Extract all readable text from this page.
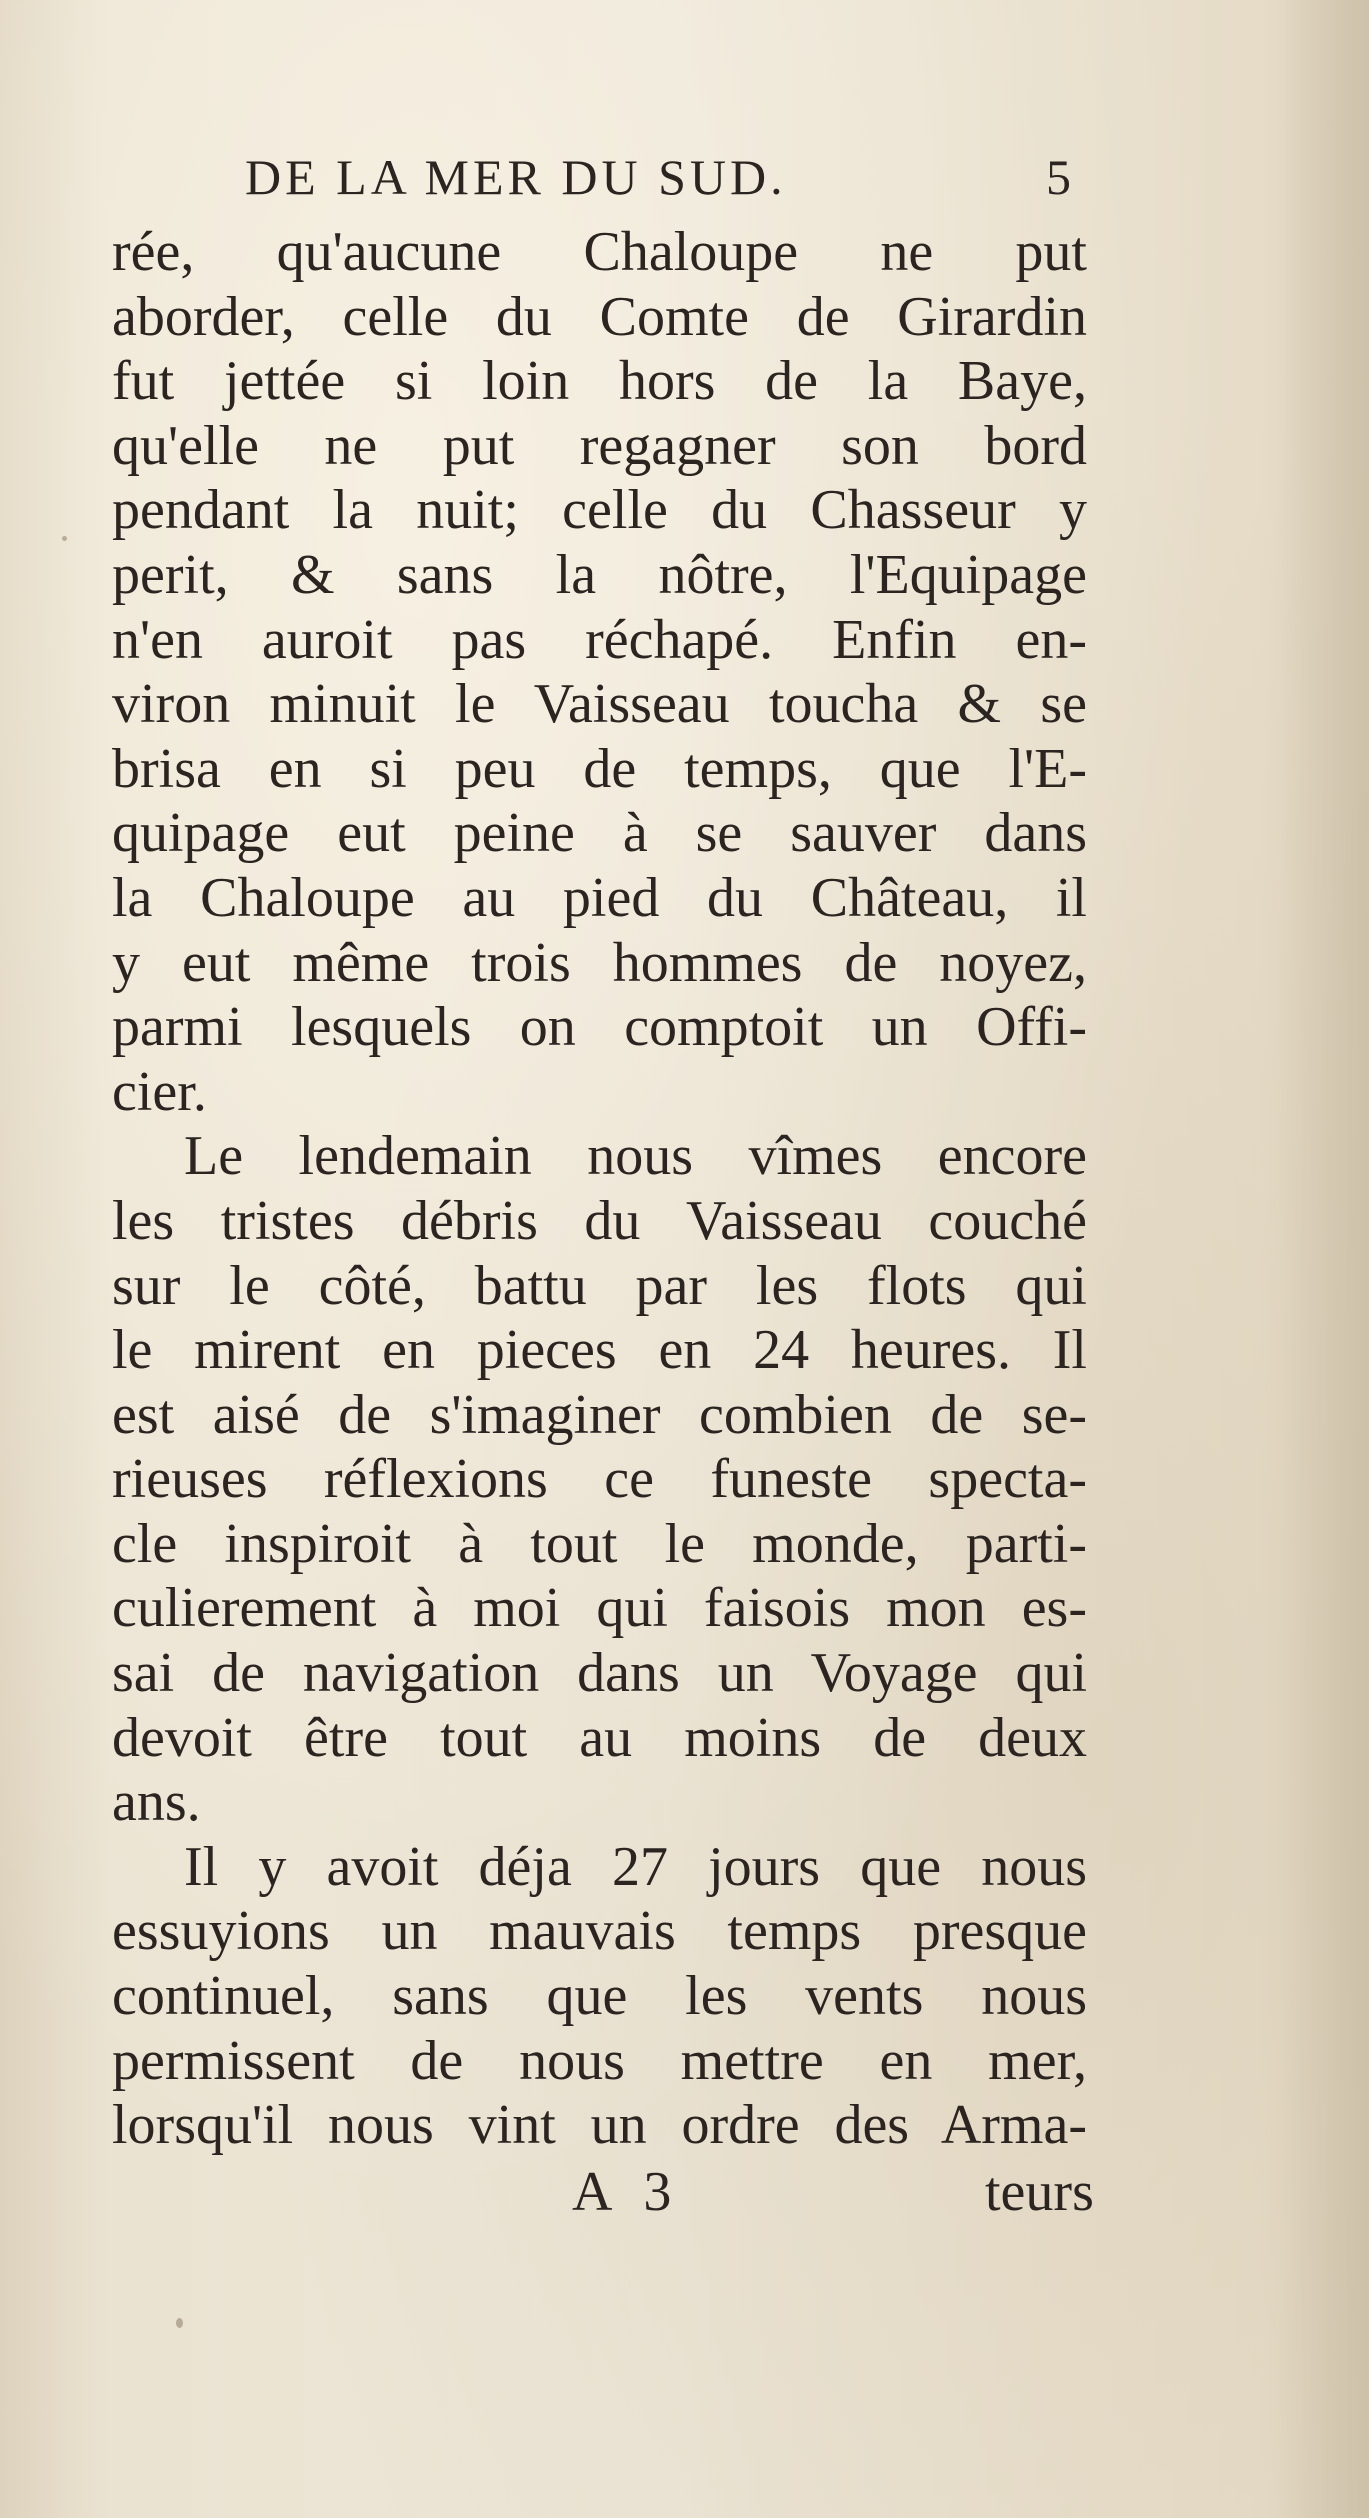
DE LA MER DU SUD.	5
rée, qu'aucune Chaloupe ne put
aborder, celle du Comte de Girardin
fut jettée si loin hors de la Baye,
qu'elle ne put regagner son bord
pendant la nuit; celle du Chasseur y
perit, & sans la nôtre, l'Equipage
n'en auroit pas réchapé. Enfin en-
viron minuit le Vaisseau toucha & se
brisa en si peu de temps, que l'E-
quipage eut peine à se sauver dans
la Chaloupe au pied du Château, il
y eut même trois hommes de noyez,
parmi lesquels on comptoit un Offi-
cier.
Le lendemain nous vîmes encore
les tristes débris du Vaisseau couché
sur le côté, battu par les flots qui
le mirent en pieces en 24 heures. Il
est aisé de s'imaginer combien de se-
rieuses réflexions ce funeste specta-
cle inspiroit à tout le monde, parti-
culierement à moi qui faisois mon es-
sai de navigation dans un Voyage qui
devoit être tout au moins de deux
ans.
Il y avoit déja 27 jours que nous
essuyions un mauvais temps presque
continuel, sans que les vents nous
permissent de nous mettre en mer,
lorsqu'il nous vint un ordre des Arma-
A 3	teurs
